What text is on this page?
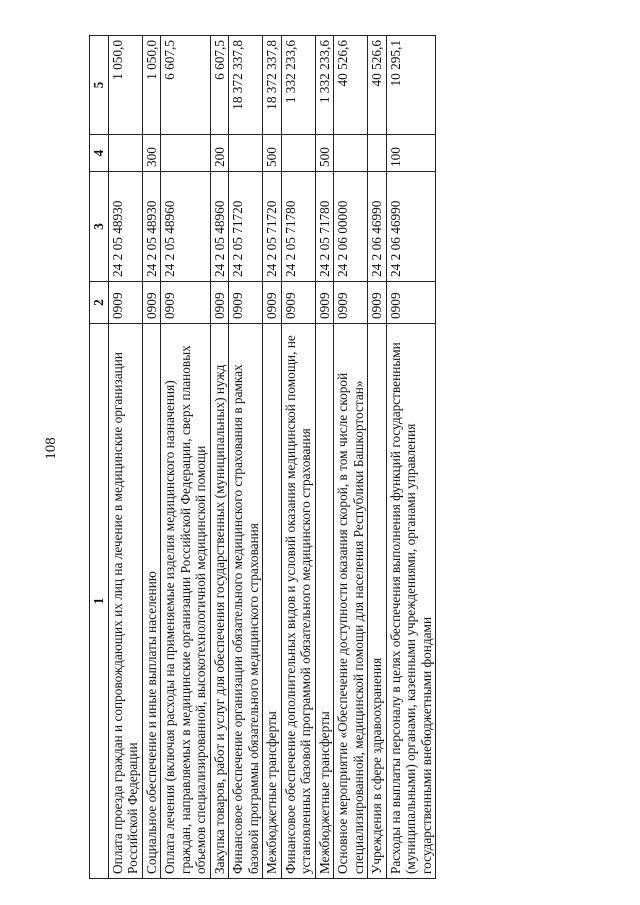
108
1	2	3	4	5
Оплата проезда граждан и сопровождающих их лиц на лечение в медицинские организации Российской Федерации	0909	24 2 05 48930		1 050,0
Социальное обеспечение и иные выплаты населению	0909	24 2 05 48930	300	1 050,0
Оплата лечения (включая расходы на применяемые изделия медицинского назначения) граждан, направляемых в медицинские организации Российской Федерации, сверх плановых объемов специализированной, высокотехнологичной медицинской помощи	0909	24 2 05 48960		6 607,5
Закупка товаров, работ и услуг для обеспечения государственных (муниципальных) нужд	0909	24 2 05 48960	200	6 607,5
Финансовое обеспечение организации обязательного медицинского страхования в рамках базовой программы обязательного медицинского страхования	0909	24 2 05 71720		18 372 337,8
Межбюджетные трансферты	0909	24 2 05 71720	500	18 372 337,8
Финансовое обеспечение дополнительных видов и условий оказания медицинской помощи, не установленных базовой программой обязательного медицинского страхования	0909	24 2 05 71780		1 332 233,6
Межбюджетные трансферты	0909	24 2 05 71780	500	1 332 233,6
Основное мероприятие «Обеспечение доступности оказания скорой, в том числе скорой специализированной, медицинской помощи для населения Республики Башкортостан»	0909	24 2 06 00000		40 526,6
Учреждения в сфере здравоохранения	0909	24 2 06 46990		40 526,6
Расходы на выплаты персоналу в целях обеспечения выполнения функций государственными (муниципальными) органами, казенными учреждениями, органами управления государственными внебюджетными фондами	0909	24 2 06 46990	100	10 295,1
